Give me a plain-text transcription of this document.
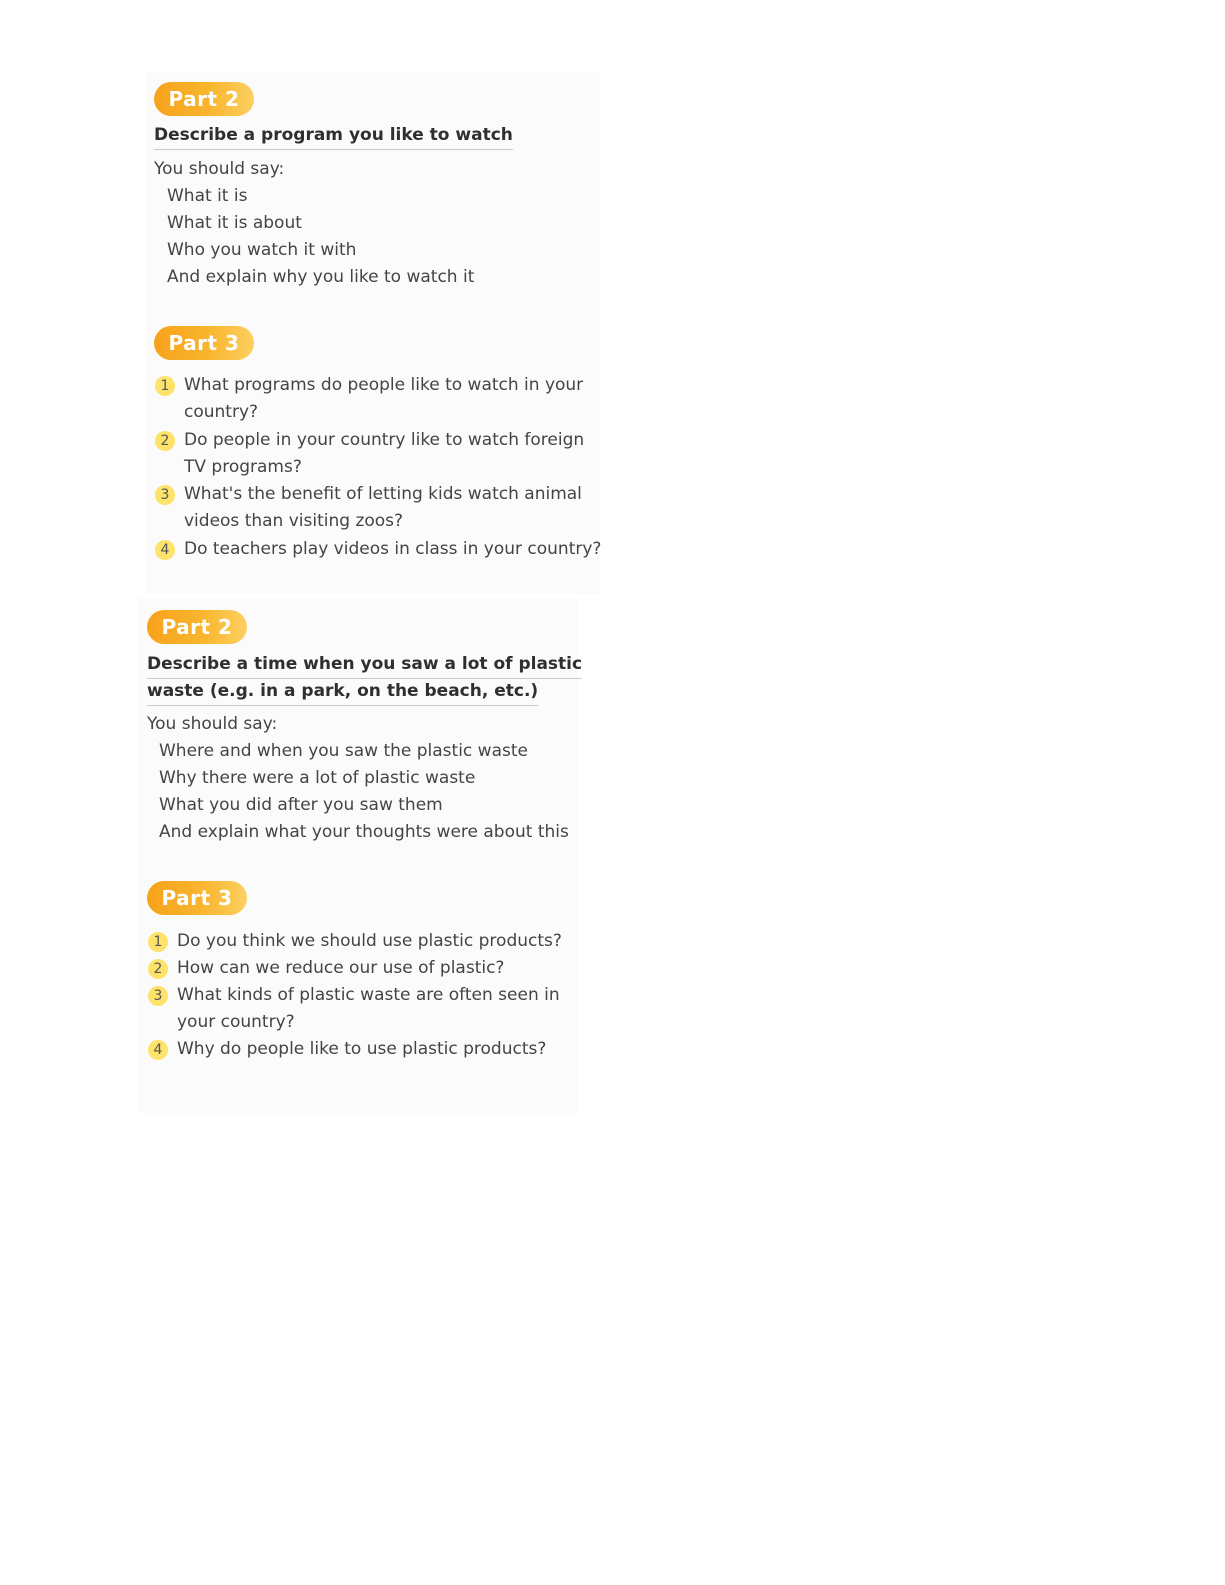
Part 2
Describe a program you like to watch
You should say:
What it is
What it is about
Who you watch it with
And explain why you like to watch it
Part 3
1 What programs do people like to watch in your
country?
2 Do people in your country like to watch foreign
TV programs?
3 What's the benefit of letting kids watch animal
videos than visiting zoos?
4 Do teachers play videos in class in your country?
Part 2
Describe a time when you saw a lot of plastic
waste (e.g. in a park, on the beach, etc.)
You should say:
Where and when you saw the plastic waste
Why there were a lot of plastic waste
What you did after you saw them
And explain what your thoughts were about this
Part 3
1 Do you think we should use plastic products?
2 How can we reduce our use of plastic?
3 What kinds of plastic waste are often seen in
your country?
4 Why do people like to use plastic products?
